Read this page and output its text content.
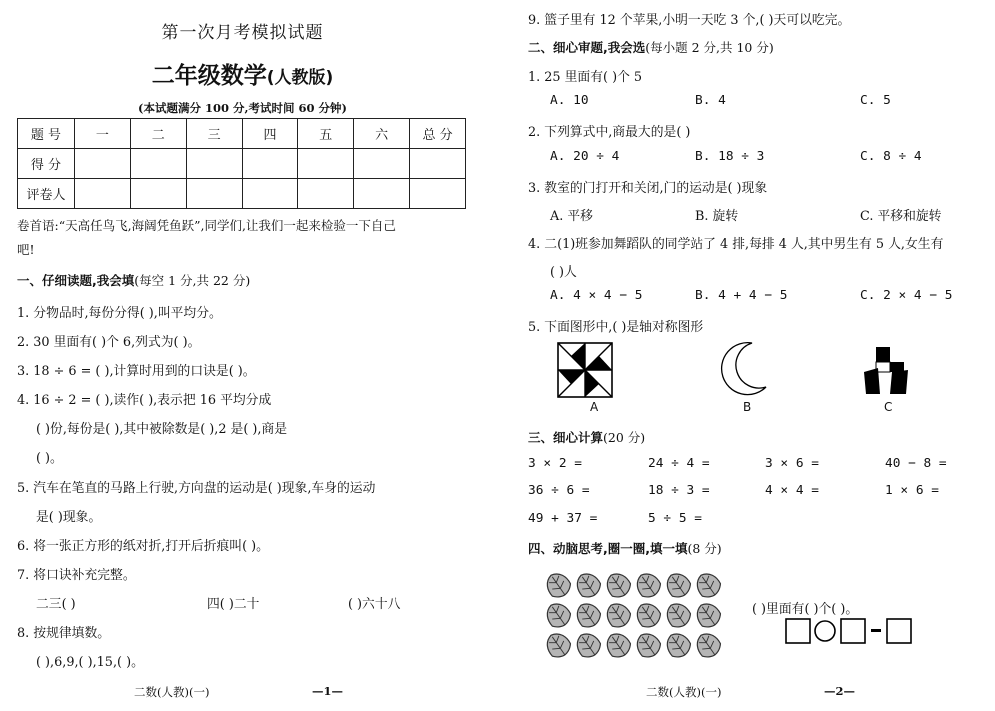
第一次月考模拟试题
二年级数学(人教版)
(本试题满分 100 分,考试时间 60 分钟)
题 号	一	二	三	四	五	六	总 分
得 分							
评卷人							
卷首语:“天高任鸟飞,海阔凭鱼跃”,同学们,让我们一起来检验一下自己
吧!
一、仔细读题,我会填(每空 1 分,共 22 分)
1. 分物品时,每份分得( ),叫平均分。
2. 30 里面有( )个 6,列式为( )。
3. 18 ÷ 6 = ( ),计算时用到的口诀是( )。
4. 16 ÷ 2 = ( ),读作( ),表示把 16 平均分成
( )份,每份是( ),其中被除数是( ),2 是( ),商是
( )。
5. 汽车在笔直的马路上行驶,方向盘的运动是( )现象,车身的运动
是( )现象。
6. 将一张正方形的纸对折,打开后折痕叫( )。
7. 将口诀补充完整。
二三( )	四( )二十	( )六十八
8. 按规律填数。
( ),6,9,( ),15,( )。
二数(人教)(一)	—1—
9. 篮子里有 12 个苹果,小明一天吃 3 个,( )天可以吃完。
二、细心审题,我会选(每小题 2 分,共 10 分)
1. 25 里面有( )个 5
A. 10	B. 4	C. 5
2. 下列算式中,商最大的是( )
A. 20 ÷ 4	B. 18 ÷ 3	C. 8 ÷ 4
3. 教室的门打开和关闭,门的运动是( )现象
A. 平移	B. 旋转	C. 平移和旋转
4. 二(1)班参加舞蹈队的同学站了 4 排,每排 4 人,其中男生有 5 人,女生有
( )人
A. 4 × 4 − 5	B. 4 + 4 − 5	C. 2 × 4 − 5
5. 下面图形中,( )是轴对称图形
A	B	C
三、细心计算(20 分)
3 × 2 =	24 ÷ 4 =	3 × 6 =	40 − 8 =
36 ÷ 6 =	18 ÷ 3 =	4 × 4 =	1 × 6 =
49 + 37 =	5 ÷ 5 =
四、动脑思考,圈一圈,填一填(8 分)
( )里面有( )个( )。
二数(人教)(一)	—2—
